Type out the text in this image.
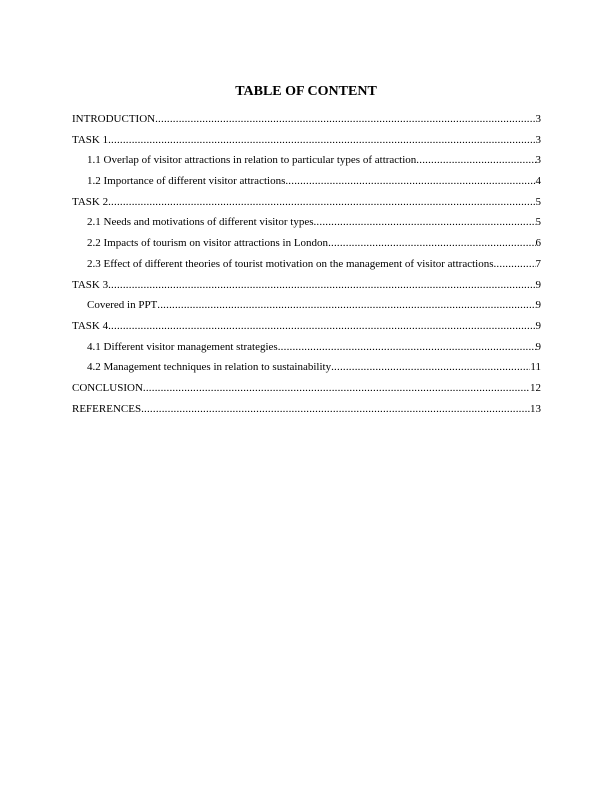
TABLE OF CONTENT
INTRODUCTION .....	3
TASK 1 .....	3
1.1 Overlap of visitor attractions in relation to particular types of attraction .....	3
1.2 Importance of different visitor attractions .....	4
TASK 2 .....	5
2.1 Needs and motivations of different visitor types .....	5
2.2 Impacts of tourism on visitor attractions in London .....	6
2.3 Effect of different theories of tourist motivation on the management of visitor attractions .....	7
TASK 3 .....	9
Covered in PPT .....	9
TASK 4 .....	9
4.1 Different visitor management strategies .....	9
4.2 Management techniques in relation to sustainability .....	11
CONCLUSION .....	12
REFERENCES .....	13
